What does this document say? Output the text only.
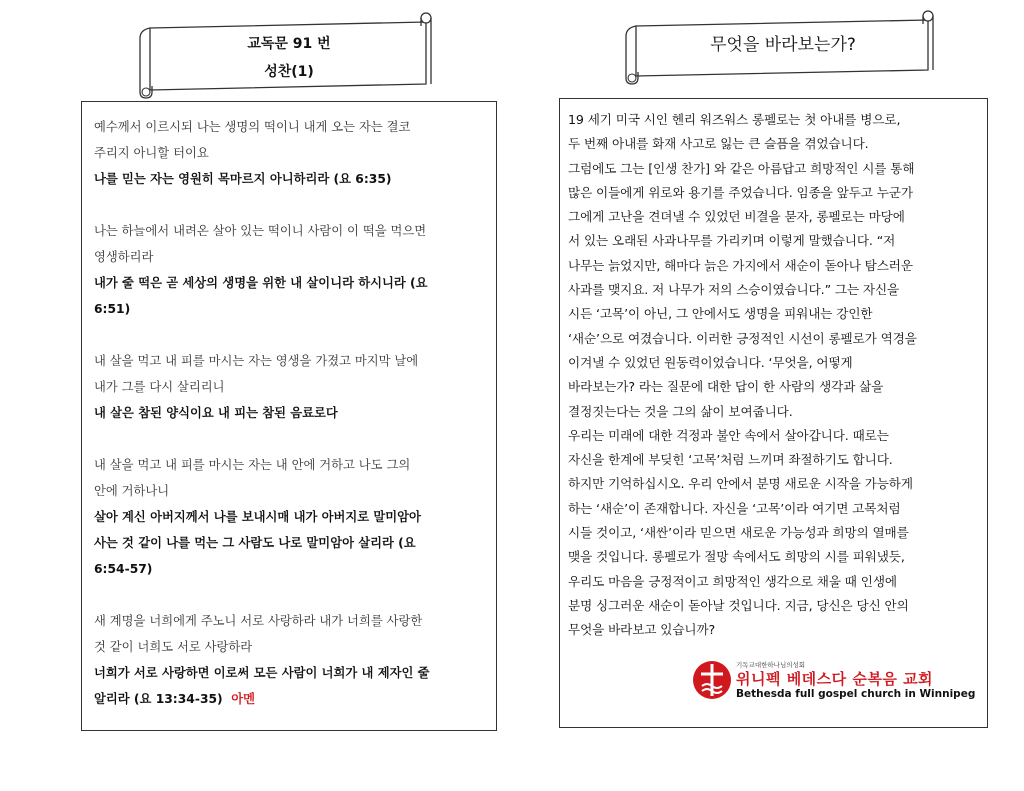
교독문 91 번
성찬(1)
무엇을 바라보는가?

예수께서 이르시되 나는 생명의 떡이니 내게 오는 자는 결코

주리지 아니할 터이요

나를 믿는 자는 영원히 목마르지 아니하리라 (요 6:35)

나는 하늘에서 내려온 살아 있는 떡이니 사람이 이 떡을 먹으면

영생하리라

내가 줄 떡은 곧 세상의 생명을 위한 내 살이니라 하시니라 (요

6:51)

내 살을 먹고 내 피를 마시는 자는 영생을 가졌고 마지막 날에

내가 그를 다시 살리리니

내 살은 참된 양식이요 내 피는 참된 음료로다

내 살을 먹고 내 피를 마시는 자는 내 안에 거하고 나도 그의

안에 거하나니

살아 계신 아버지께서 나를 보내시매 내가 아버지로 말미암아

사는 것 같이 나를 먹는 그 사람도 나로 말미암아 살리라 (요

6:54-57)

새 계명을 너희에게 주노니 서로 사랑하라 내가 너희를 사랑한

것 같이 너희도 서로 사랑하라

너희가 서로 사랑하면 이로써 모든 사람이 너희가 내 제자인 줄

알리라 (요 13:34-35) 아멘

19 세기 미국 시인 헨리 워즈워스 롱펠로는 첫 아내를 병으로,

두 번째 아내를 화재 사고로 잃는 큰 슬픔을 겪었습니다.

그럼에도 그는 [인생 찬가] 와 같은 아름답고 희망적인 시를 통해

많은 이들에게 위로와 용기를 주었습니다. 임종을 앞두고 누군가

그에게 고난을 견뎌낼 수 있었던 비결을 묻자, 롱펠로는 마당에

서 있는 오래된 사과나무를 가리키며 이렇게 말했습니다. “저

나무는 늙었지만, 해마다 늙은 가지에서 새순이 돋아나 탐스러운

사과를 맺지요. 저 나무가 저의 스승이였습니다.” 그는 자신을

시든 ‘고목’이 아닌, 그 안에서도 생명을 피워내는 강인한

‘새순’으로 여겼습니다. 이러한 긍정적인 시선이 롱펠로가 역경을

이겨낼 수 있었던 원동력이었습니다. ‘무엇을, 어떻게

바라보는가? 라는 질문에 대한 답이 한 사람의 생각과 삶을

결정짓는다는 것을 그의 삶이 보여줍니다.

우리는 미래에 대한 걱정과 불안 속에서 살아갑니다. 때로는

자신을 한계에 부딪힌 ‘고목’처럼 느끼며 좌절하기도 합니다.

하지만 기억하십시오. 우리 안에서 분명 새로운 시작을 가능하게

하는 ‘새순’이 존재합니다. 자신을 ‘고목’이라 여기면 고목처럼

시들 것이고, ‘새싼’이라 믿으면 새로운 가능성과 희망의 열매를

맺을 것입니다. 롱펠로가 절망 속에서도 희망의 시를 피워냈듯,

우리도 마음을 긍정적이고 희망적인 생각으로 채울 때 인생에

분명 싱그러운 새순이 돋아날 것입니다. 지금, 당신은 당신 안의

무엇을 바라보고 있습니까?

기독교대한하나님의성회
위니펙 베데스다 순복음 교회
Bethesda full gospel church in Winnipeg
